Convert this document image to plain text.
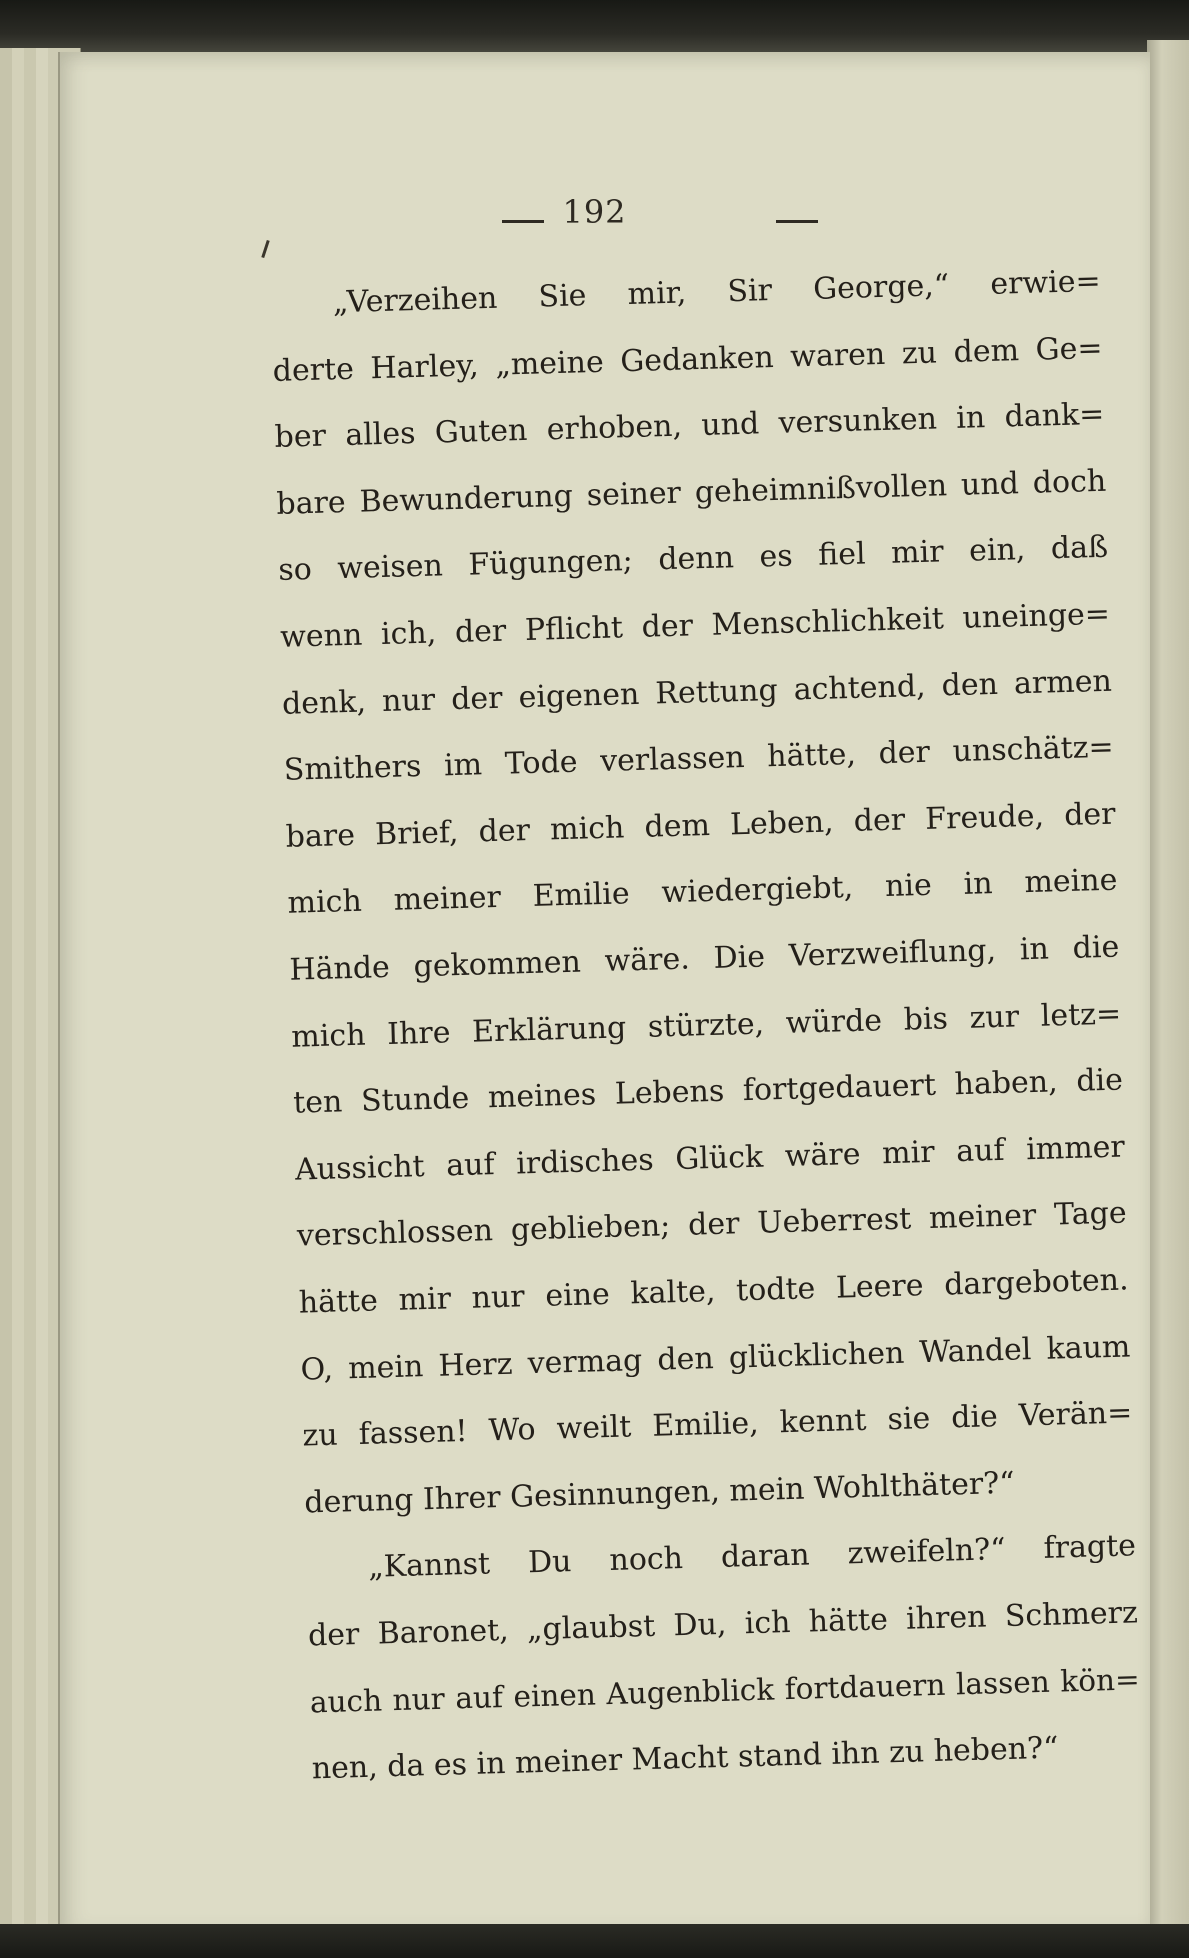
192
„Verzeihen Sie mir, Sir George,“ erwie=
derte Harley, „meine Gedanken waren zu dem Ge=
ber alles Guten erhoben, und versunken in dank=
bare Bewunderung seiner geheimnißvollen und doch
so weisen Fügungen; denn es fiel mir ein, daß
wenn ich, der Pflicht der Menschlichkeit uneinge=
denk, nur der eigenen Rettung achtend, den armen
Smithers im Tode verlassen hätte, der unschätz=
bare Brief, der mich dem Leben, der Freude, der
mich meiner Emilie wiedergiebt, nie in meine
Hände gekommen wäre. Die Verzweiflung, in die
mich Ihre Erklärung stürzte, würde bis zur letz=
ten Stunde meines Lebens fortgedauert haben, die
Aussicht auf irdisches Glück wäre mir auf immer
verschlossen geblieben; der Ueberrest meiner Tage
hätte mir nur eine kalte, todte Leere dargeboten.
O, mein Herz vermag den glücklichen Wandel kaum
zu fassen! Wo weilt Emilie, kennt sie die Verän=
derung Ihrer Gesinnungen, mein Wohlthäter?“
„Kannst Du noch daran zweifeln?“ fragte
der Baronet, „glaubst Du, ich hätte ihren Schmerz
auch nur auf einen Augenblick fortdauern lassen kön=
nen, da es in meiner Macht stand ihn zu heben?“
